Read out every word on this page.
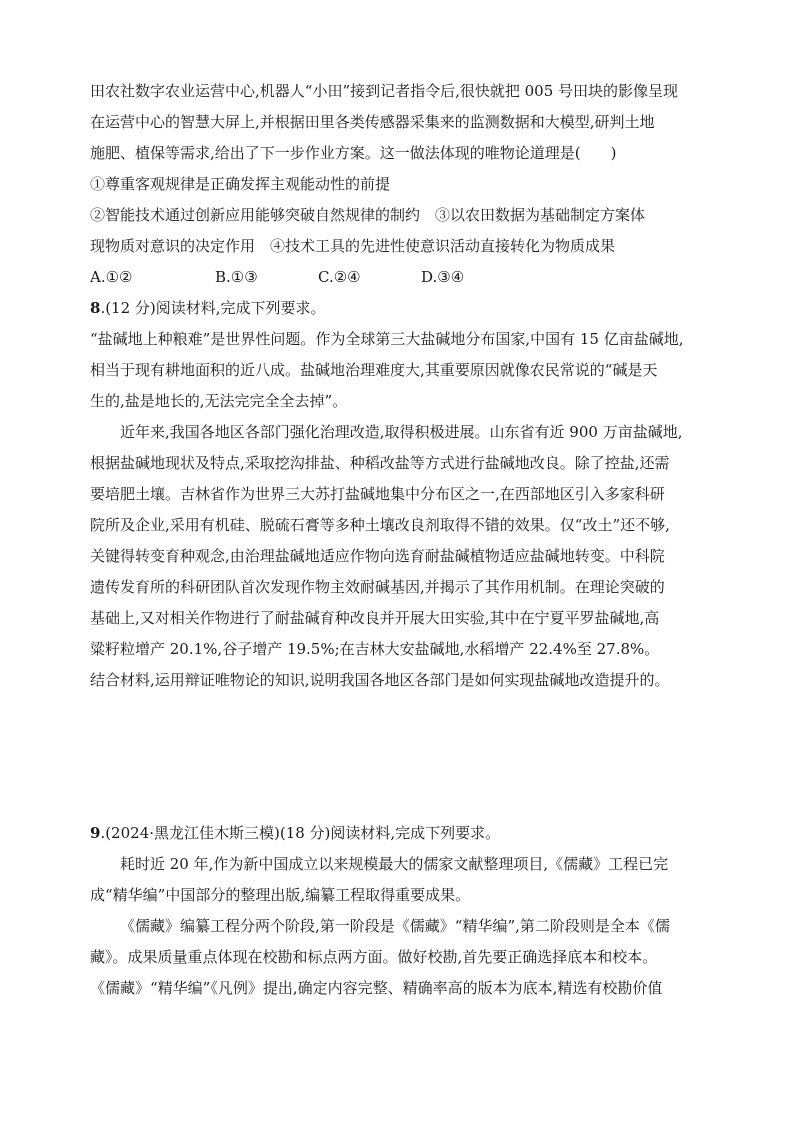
田农社数字农业运营中心,机器人“小田”接到记者指令后,很快就把 005 号田块的影像呈现
在运营中心的智慧大屏上,并根据田里各类传感器采集来的监测数据和大模型,研判土地
施肥、植保等需求,给出了下一步作业方案。这一做法体现的唯物论道理是(　　)
①尊重客观规律是正确发挥主观能动性的前提
②智能技术通过创新应用能够突破自然规律的制约　③以农田数据为基础制定方案体
现物质对意识的决定作用　④技术工具的先进性使意识活动直接转化为物质成果
A.①②	B.①③	C.②④	D.③④
8.(12 分)阅读材料,完成下列要求。
“盐碱地上种粮难”是世界性问题。作为全球第三大盐碱地分布国家,中国有 15 亿亩盐碱地,
相当于现有耕地面积的近八成。盐碱地治理难度大,其重要原因就像农民常说的“碱是天
生的,盐是地长的,无法完完全全去掉”。
近年来,我国各地区各部门强化治理改造,取得积极进展。山东省有近 900 万亩盐碱地,
根据盐碱地现状及特点,采取挖沟排盐、种稻改盐等方式进行盐碱地改良。除了控盐,还需
要培肥土壤。吉林省作为世界三大苏打盐碱地集中分布区之一,在西部地区引入多家科研
院所及企业,采用有机硅、脱硫石膏等多种土壤改良剂取得不错的效果。仅“改土”还不够,
关键得转变育种观念,由治理盐碱地适应作物向选育耐盐碱植物适应盐碱地转变。中科院
遗传发育所的科研团队首次发现作物主效耐碱基因,并揭示了其作用机制。在理论突破的
基础上,又对相关作物进行了耐盐碱育种改良并开展大田实验,其中在宁夏平罗盐碱地,高
粱籽粒增产 20.1%,谷子增产 19.5%;在吉林大安盐碱地,水稻增产 22.4%至 27.8%。
结合材料,运用辩证唯物论的知识,说明我国各地区各部门是如何实现盐碱地改造提升的。
9.(2024·黑龙江佳木斯三模)(18 分)阅读材料,完成下列要求。
耗时近 20 年,作为新中国成立以来规模最大的儒家文献整理项目,《儒藏》工程已完
成“精华编”中国部分的整理出版,编纂工程取得重要成果。
《儒藏》编纂工程分两个阶段,第一阶段是《儒藏》“精华编”,第二阶段则是全本《儒
藏》。成果质量重点体现在校勘和标点两方面。做好校勘,首先要正确选择底本和校本。
《儒藏》“精华编”《凡例》提出,确定内容完整、精确率高的版本为底本,精选有校勘价值
